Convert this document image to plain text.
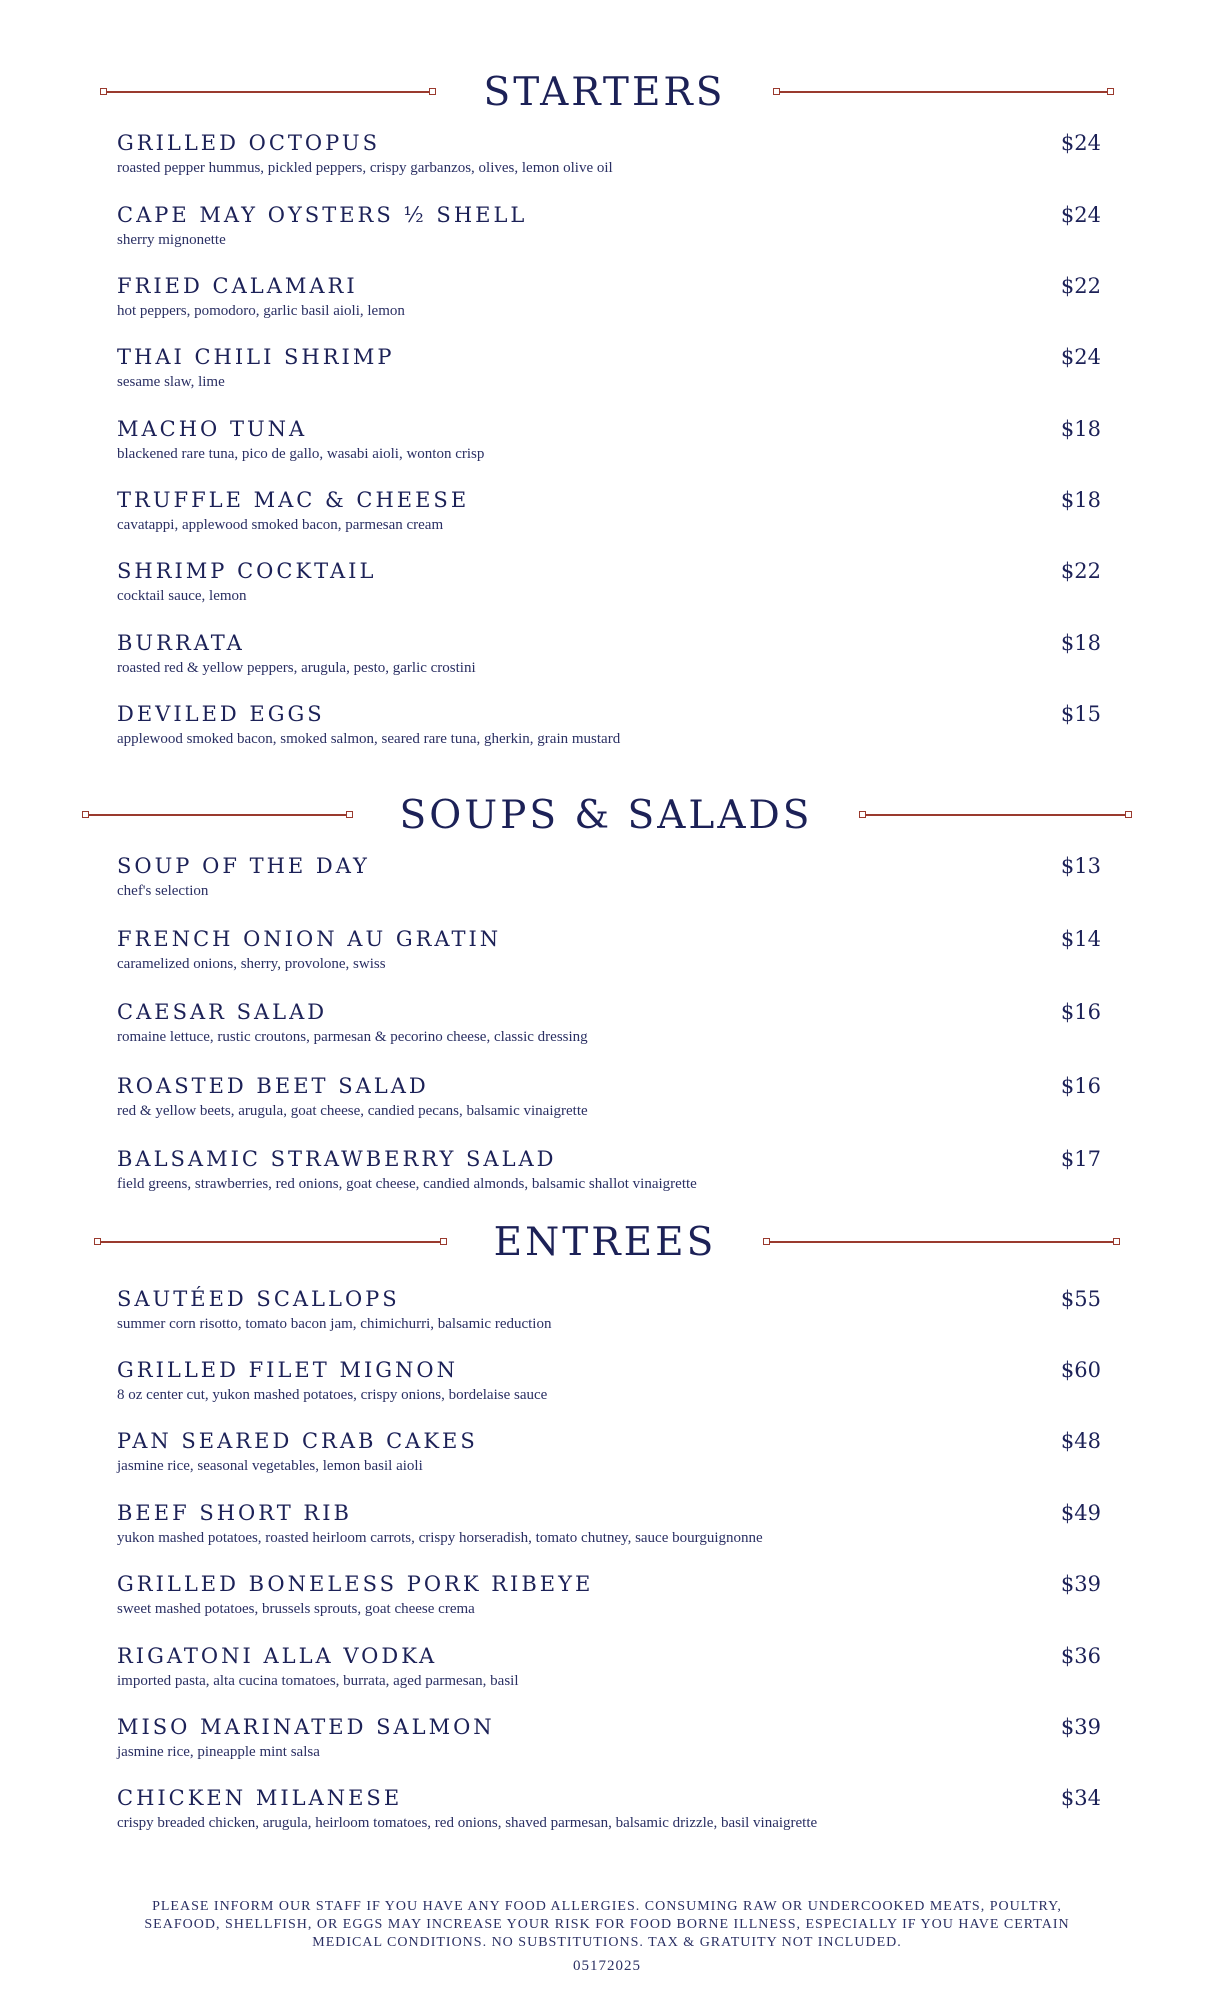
STARTERS
GRILLED OCTOPUS	$24
roasted pepper hummus, pickled peppers, crispy garbanzos, olives, lemon olive oil
CAPE MAY OYSTERS ½ SHELL	$24
sherry mignonette
FRIED CALAMARI	$22
hot peppers, pomodoro, garlic basil aioli, lemon
THAI CHILI SHRIMP	$24
sesame slaw, lime
MACHO TUNA	$18
blackened rare tuna, pico de gallo, wasabi aioli, wonton crisp
TRUFFLE MAC & CHEESE	$18
cavatappi, applewood smoked bacon, parmesan cream
SHRIMP COCKTAIL	$22
cocktail sauce, lemon
BURRATA	$18
roasted red & yellow peppers, arugula, pesto, garlic crostini
DEVILED EGGS	$15
applewood smoked bacon, smoked salmon, seared rare tuna, gherkin, grain mustard
SOUPS & SALADS
SOUP OF THE DAY	$13
chef's selection
FRENCH ONION AU GRATIN	$14
caramelized onions, sherry, provolone, swiss
CAESAR SALAD	$16
romaine lettuce, rustic croutons, parmesan & pecorino cheese, classic dressing
ROASTED BEET SALAD	$16
red & yellow beets, arugula, goat cheese, candied pecans, balsamic vinaigrette
BALSAMIC STRAWBERRY SALAD	$17
field greens, strawberries, red onions, goat cheese, candied almonds, balsamic shallot vinaigrette
ENTREES
SAUTÉED SCALLOPS	$55
summer corn risotto, tomato bacon jam, chimichurri, balsamic reduction
GRILLED FILET MIGNON	$60
8 oz center cut, yukon mashed potatoes, crispy onions, bordelaise sauce
PAN SEARED CRAB CAKES	$48
jasmine rice, seasonal vegetables, lemon basil aioli
BEEF SHORT RIB	$49
yukon mashed potatoes, roasted heirloom carrots, crispy horseradish, tomato chutney, sauce bourguignonne
GRILLED BONELESS PORK RIBEYE	$39
sweet mashed potatoes, brussels sprouts, goat cheese crema
RIGATONI ALLA VODKA	$36
imported pasta, alta cucina tomatoes, burrata, aged parmesan, basil
MISO MARINATED SALMON	$39
jasmine rice, pineapple mint salsa
CHICKEN MILANESE	$34
crispy breaded chicken, arugula, heirloom tomatoes, red onions, shaved parmesan, balsamic drizzle, basil vinaigrette
PLEASE INFORM OUR STAFF IF YOU HAVE ANY FOOD ALLERGIES. CONSUMING RAW OR UNDERCOOKED MEATS, POULTRY, SEAFOOD, SHELLFISH, OR EGGS MAY INCREASE YOUR RISK FOR FOOD BORNE ILLNESS, ESPECIALLY IF YOU HAVE CERTAIN MEDICAL CONDITIONS. NO SUBSTITUTIONS. TAX & GRATUITY NOT INCLUDED.
05172025
